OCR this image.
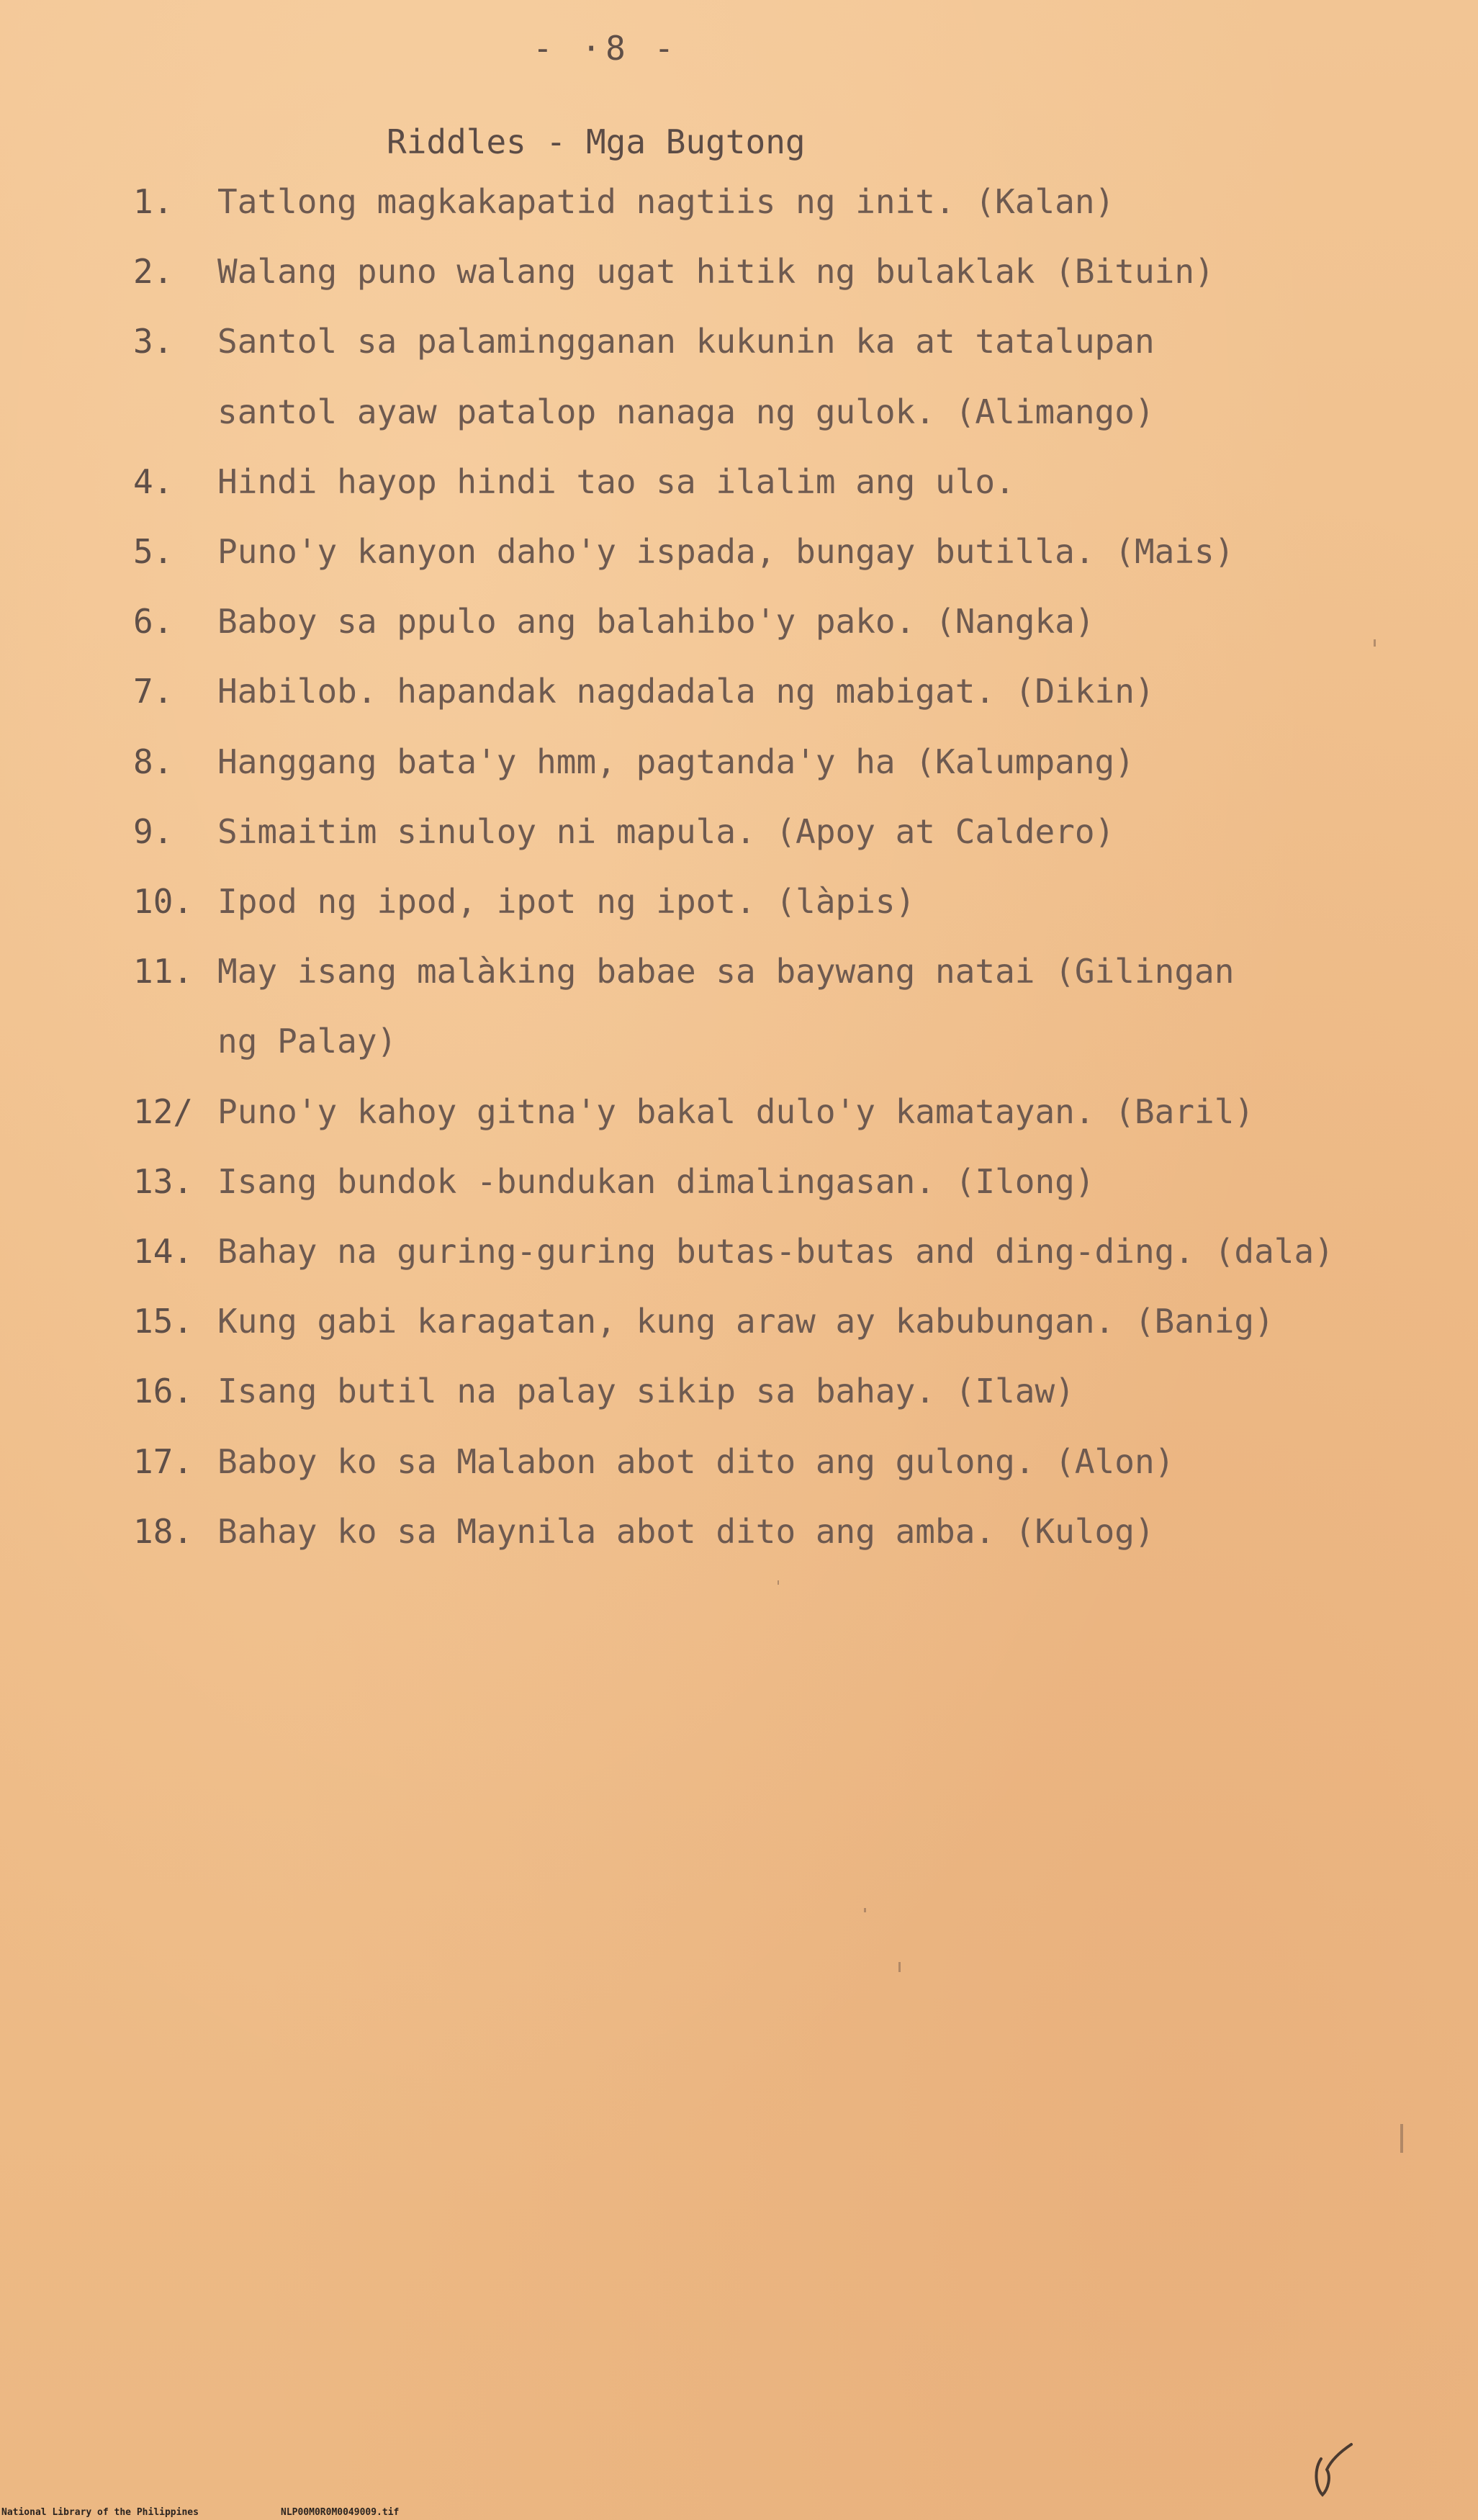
- ·8 -
Riddles - Mga Bugtong
1.	Tatlong magkakapatid nagtiis ng init. (Kalan)
2.	Walang puno walang ugat hitik ng bulaklak (Bituin)
3.	Santol sa palamingganan kukunin ka at tatalupan
santol ayaw patalop nanaga ng gulok. (Alimango)
4.	Hindi hayop hindi tao sa ilalim ang ulo.
5.	Puno'y kanyon daho'y ispada, bungay butilla. (Mais)
6.	Baboy sa ppulo ang balahibo'y pako. (Nangka)
7.	Habilob. hapandak nagdadala ng mabigat. (Dikin)
8.	Hanggang bata'y hmm, pagtanda'y ha (Kalumpang)
9.	Simaitim sinuloy ni mapula. (Apoy at Caldero)
10. Ipod ng ipod, ipot ng ipot. (làpis)
11. May isang malàking babae sa baywang natai (Gilingan
ng Palay)
12/ Puno'y kahoy gitna'y bakal dulo'y kamatayan. (Baril)
13. Isang bundok -bundukan dimalingasan. (Ilong)
14. Bahay na guring-guring butas-butas and ding-ding. (dala)
15. Kung gabi karagatan, kung araw ay kabubungan. (Banig)
16. Isang butil na palay sikip sa bahay. (Ilaw)
17. Baboy ko sa Malabon abot dito ang gulong. (Alon)
18. Bahay ko sa Maynila abot dito ang amba. (Kulog)
National Library of the Philippines	NLP00M0R0M0049009.tif
